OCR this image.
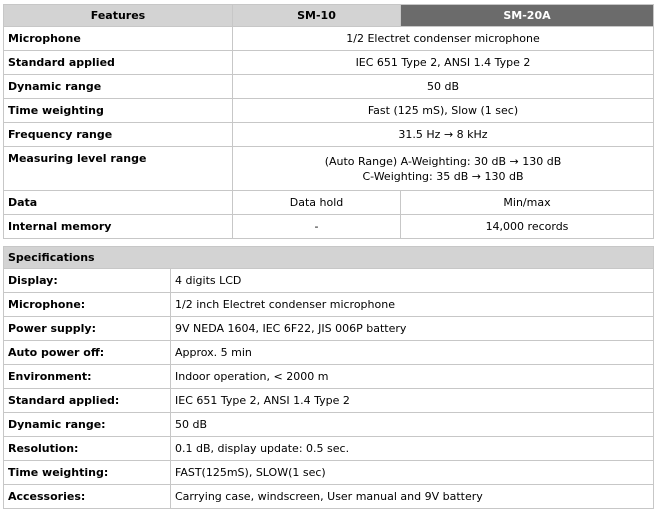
Features	SM-10	SM-20A
Microphone	1/2 Electret condenser microphone	
Standard applied	IEC 651 Type 2, ANSI 1.4 Type 2	
Dynamic range	50 dB	
Time weighting	Fast (125 mS), Slow (1 sec)	
Frequency range	31.5 Hz → 8 kHz	
Measuring level range	(Auto Range) A-Weighting: 30 dB → 130 dB
C-Weighting: 35 dB → 130 dB	

Data	Data hold	Min/max
Internal memory	-	14,000 records
Specifications	
Display:	4 digits LCD
Microphone:	1/2 inch Electret condenser microphone
Power supply:	9V NEDA 1604, IEC 6F22, JIS 006P battery
Auto power off:	Approx. 5 min
Environment:	Indoor operation, < 2000 m
Standard applied:	IEC 651 Type 2, ANSI 1.4 Type 2
Dynamic range:	50 dB
Resolution:	0.1 dB, display update: 0.5 sec.
Time weighting:	FAST(125mS), SLOW(1 sec)
Accessories:	Carrying case, windscreen, User manual and 9V battery
